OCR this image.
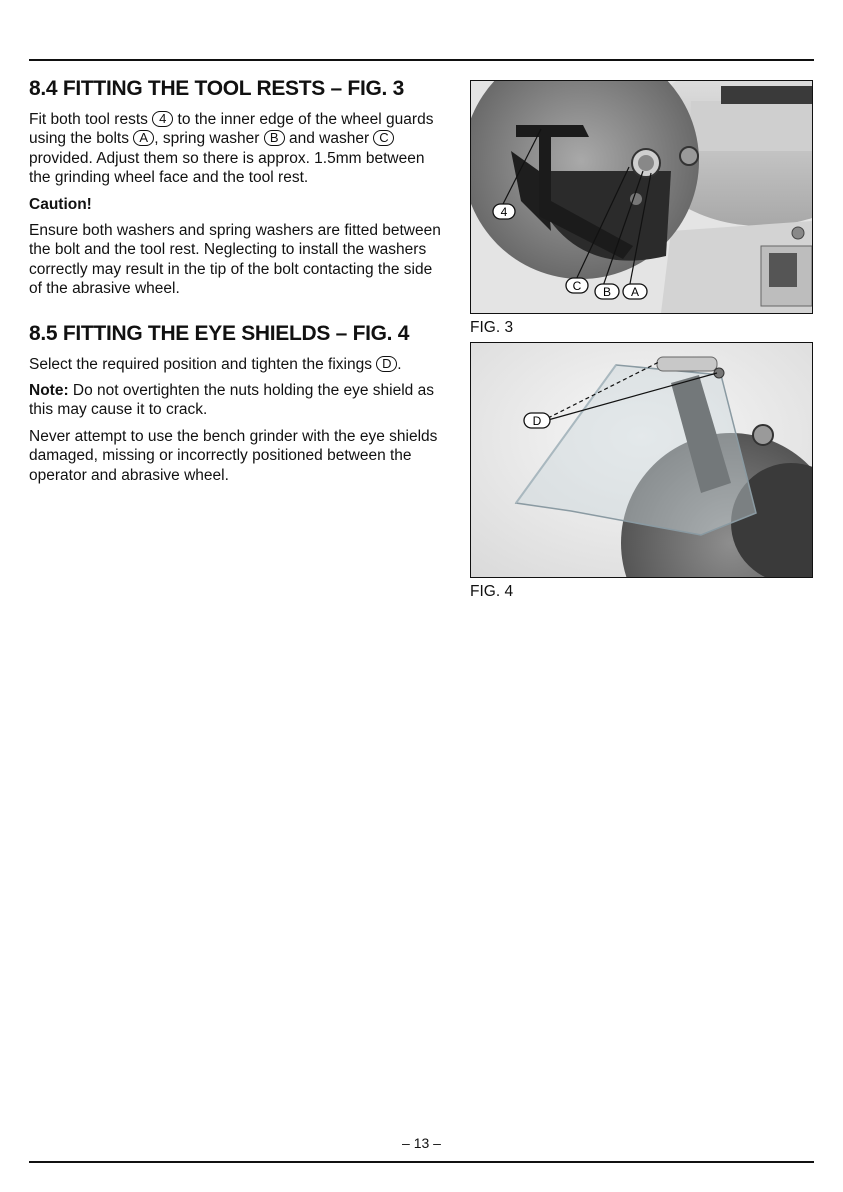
8.4 FITTING THE TOOL RESTS – FIG. 3

Fit both tool rests 4 to the inner edge of the wheel guards using the bolts A , spring washer B and washer C provided. Adjust them so there is approx. 1.5mm between the grinding wheel face and the tool rest.

Caution!

Ensure both washers and spring washers are fitted between the bolt and the tool rest. Neglecting to install the washers correctly may result in the tip of the bolt contacting the side of the abrasive wheel.

8.5 FITTING THE EYE SHIELDS – FIG. 4

Select the required position and tighten the fixings D .

Note: Do not overtighten the nuts holding the eye shield as this may cause it to crack.

Never attempt to use the bench grinder with the eye shields damaged, missing or incorrectly positioned between the operator and abrasive wheel.

4
C B A
FIG. 3
D
FIG. 4
– 13 –
